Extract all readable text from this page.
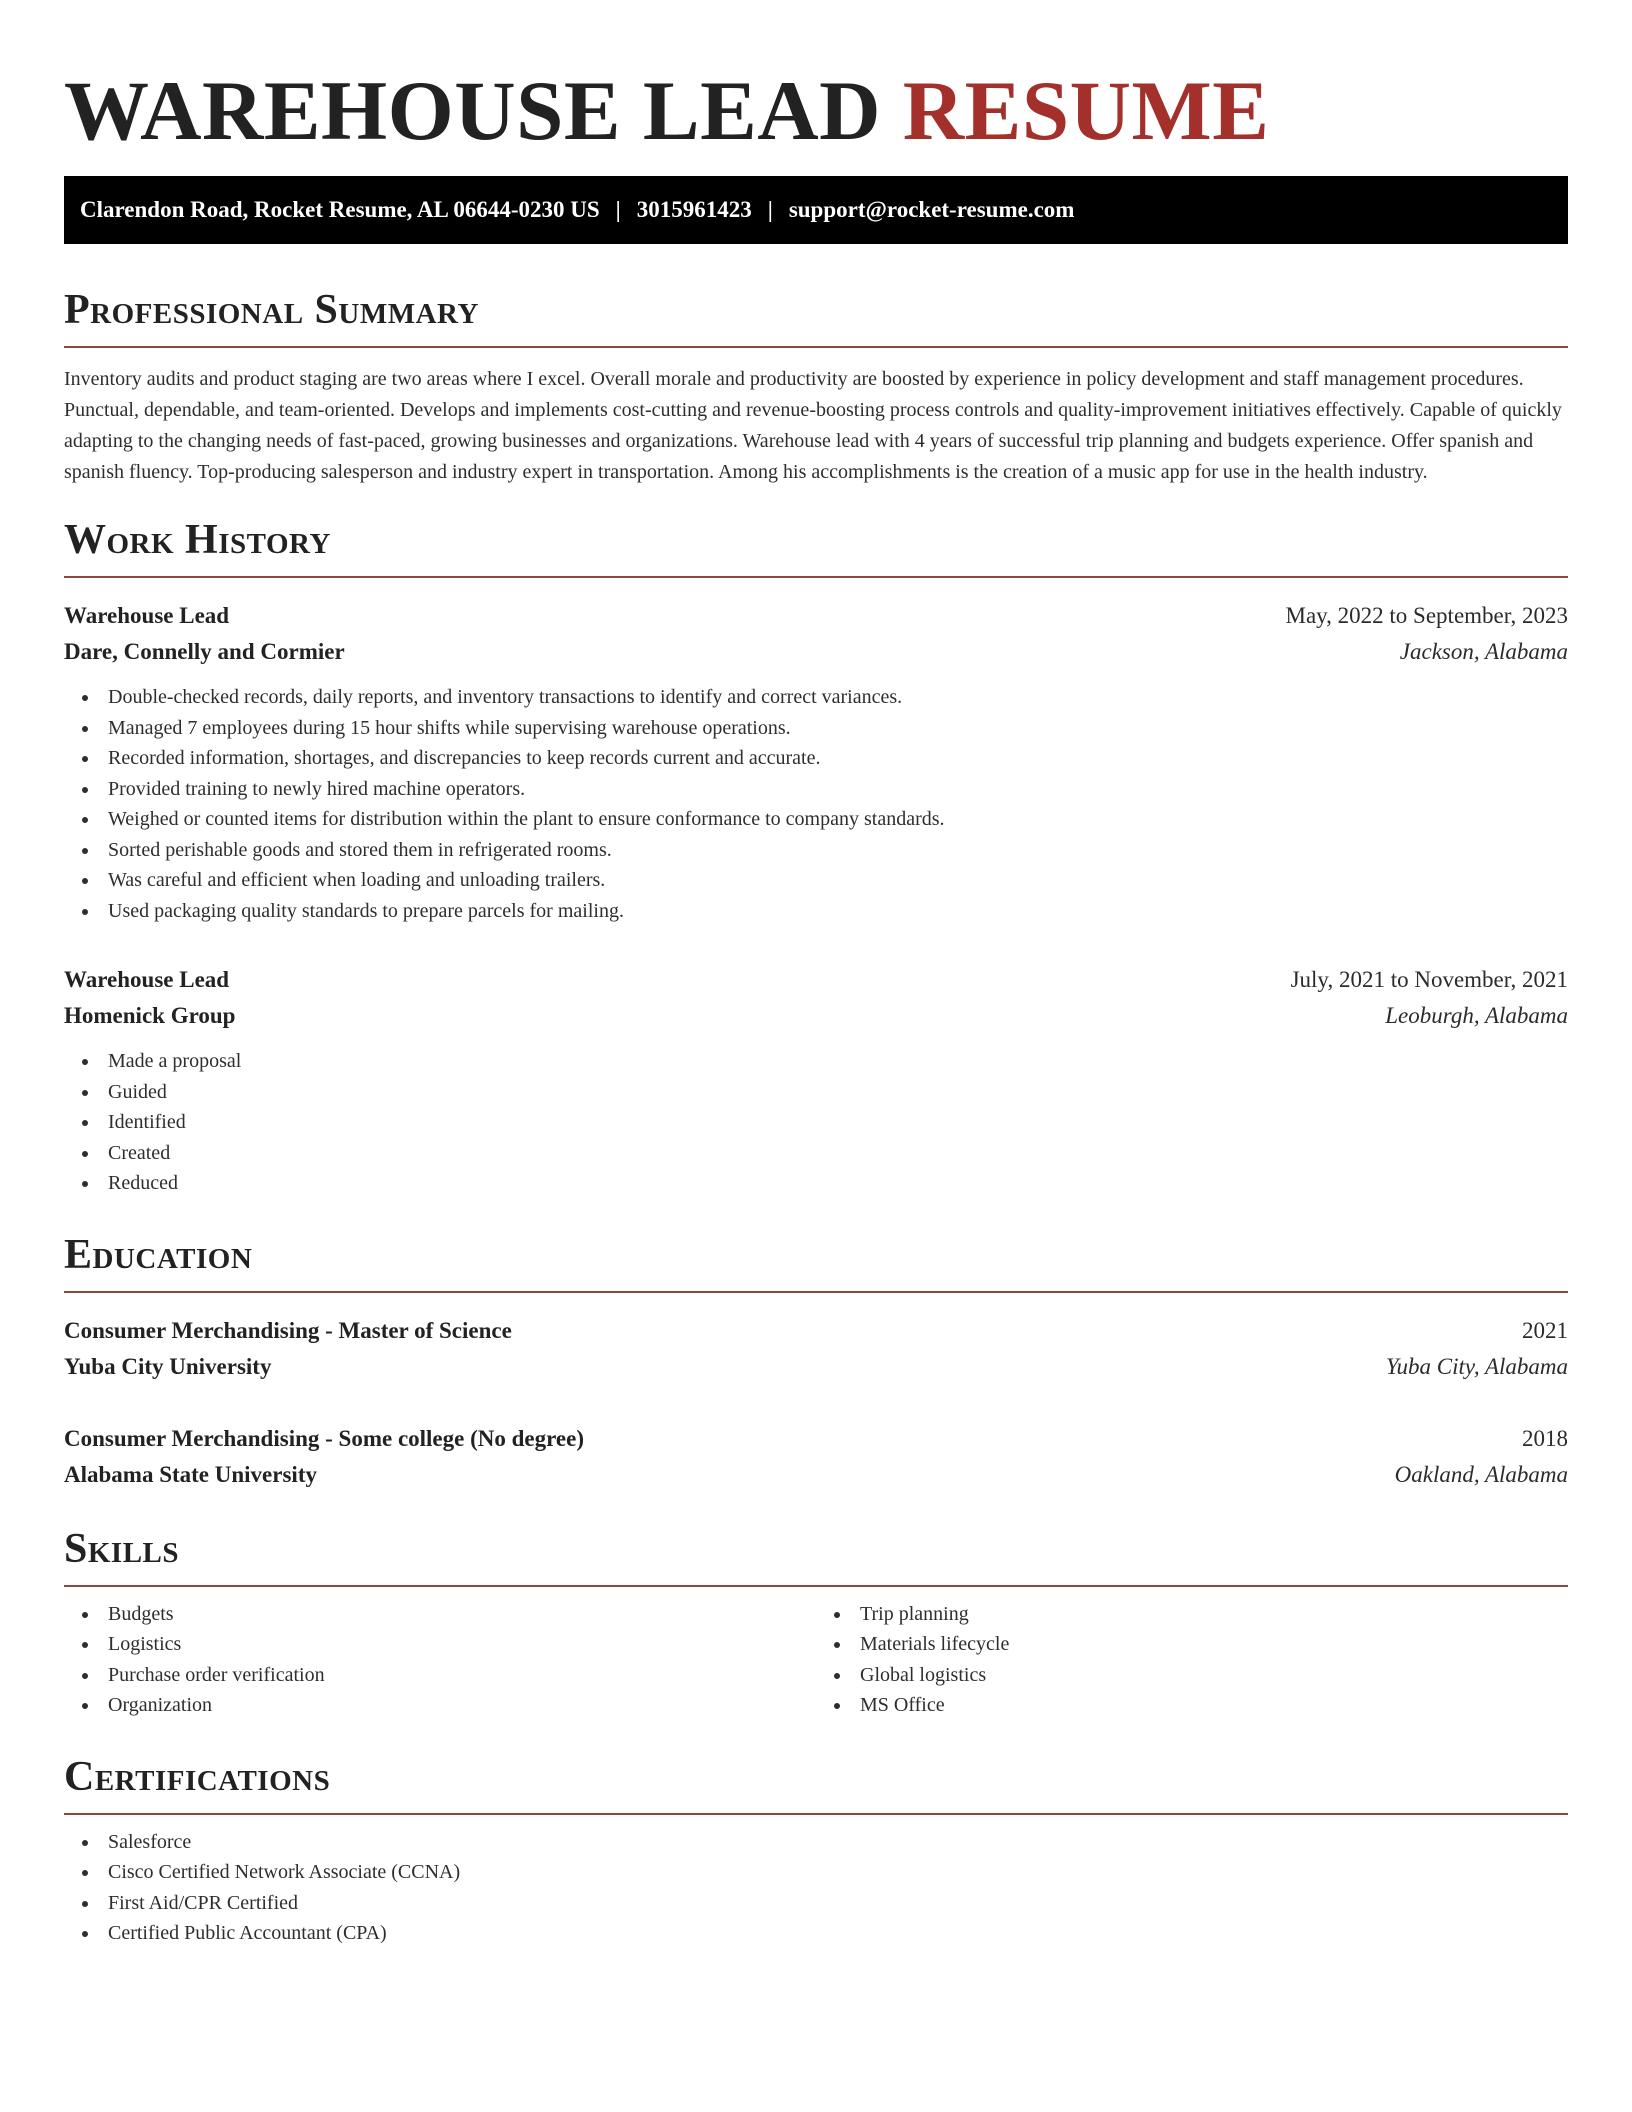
WAREHOUSE LEAD RESUME
Clarendon Road, Rocket Resume, AL 06644-0230 US | 3015961423 | support@rocket-resume.com
Professional Summary

Inventory audits and product staging are two areas where I excel. Overall morale and productivity are boosted by experience in policy development and staff management procedures. Punctual, dependable, and team-oriented. Develops and implements cost-cutting and revenue-boosting process controls and quality-improvement initiatives effectively. Capable of quickly adapting to the changing needs of fast-paced, growing businesses and organizations. Warehouse lead with 4 years of successful trip planning and budgets experience. Offer spanish and spanish fluency. Top-producing salesperson and industry expert in transportation. Among his accomplishments is the creation of a music app for use in the health industry.

Work History
Warehouse Lead	May, 2022 to September, 2023
Dare, Connelly and Cormier	Jackson, Alabama
Double-checked records, daily reports, and inventory transactions to identify and correct variances.
Managed 7 employees during 15 hour shifts while supervising warehouse operations.
Recorded information, shortages, and discrepancies to keep records current and accurate.
Provided training to newly hired machine operators.
Weighed or counted items for distribution within the plant to ensure conformance to company standards.
Sorted perishable goods and stored them in refrigerated rooms.
Was careful and efficient when loading and unloading trailers.
Used packaging quality standards to prepare parcels for mailing.
Warehouse Lead	July, 2021 to November, 2021
Homenick Group	Leoburgh, Alabama
Made a proposal
Guided
Identified
Created
Reduced
Education
Consumer Merchandising - Master of Science	2021
Yuba City University	Yuba City, Alabama
Consumer Merchandising - Some college (No degree)	2018
Alabama State University	Oakland, Alabama
Skills
Budgets
Logistics
Purchase order verification
Organization
Trip planning
Materials lifecycle
Global logistics
MS Office
Certifications
Salesforce
Cisco Certified Network Associate (CCNA)
First Aid/CPR Certified
Certified Public Accountant (CPA)
